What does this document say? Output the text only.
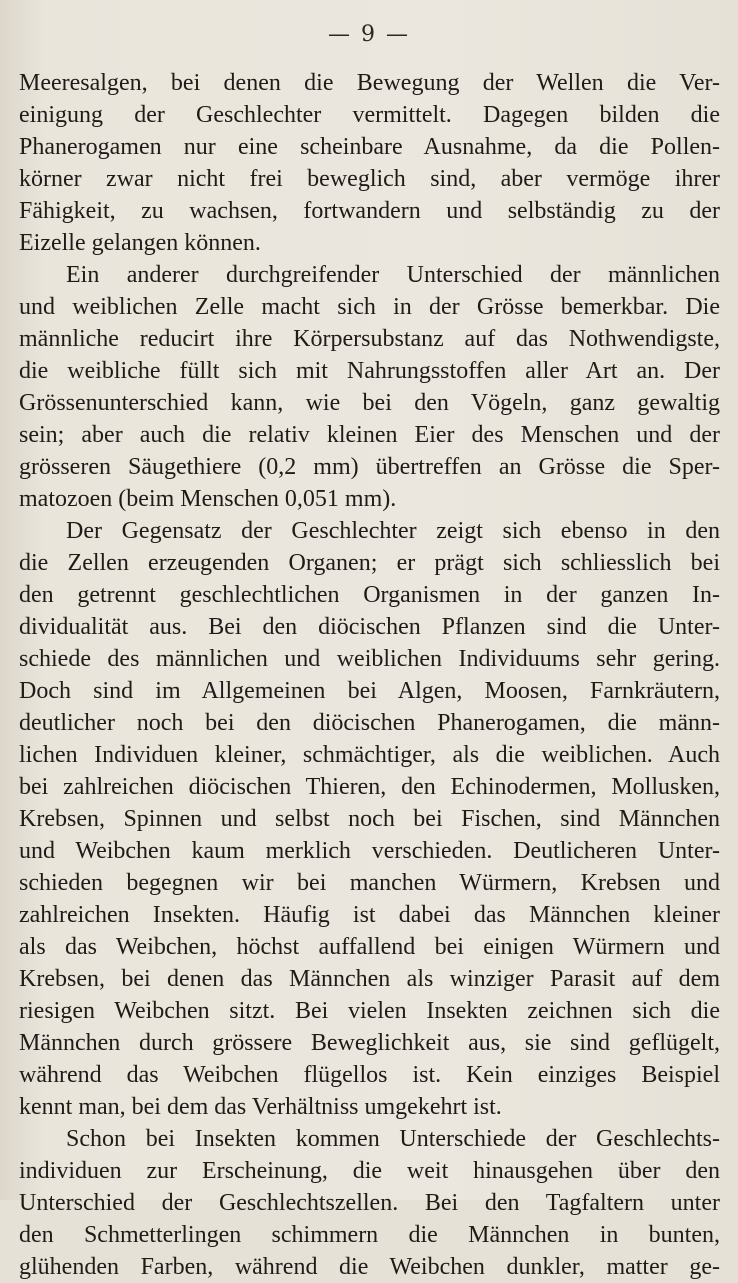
— 9 —
Meeresalgen, bei denen die Bewegung der Wellen die Ver-
einigung der Geschlechter vermittelt. Dagegen bilden die
Phanerogamen nur eine scheinbare Ausnahme, da die Pollen-
körner zwar nicht frei beweglich sind, aber vermöge ihrer
Fähigkeit, zu wachsen, fortwandern und selbständig zu der
Eizelle gelangen können.
Ein anderer durchgreifender Unterschied der männlichen
und weiblichen Zelle macht sich in der Grösse bemerkbar. Die
männliche reducirt ihre Körpersubstanz auf das Nothwendigste,
die weibliche füllt sich mit Nahrungsstoffen aller Art an. Der
Grössenunterschied kann, wie bei den Vögeln, ganz gewaltig
sein; aber auch die relativ kleinen Eier des Menschen und der
grösseren Säugethiere (0,2 mm) übertreffen an Grösse die Sper-
matozoen (beim Menschen 0,051 mm).
Der Gegensatz der Geschlechter zeigt sich ebenso in den
die Zellen erzeugenden Organen; er prägt sich schliesslich bei
den getrennt geschlechtlichen Organismen in der ganzen In-
dividualität aus. Bei den diöcischen Pflanzen sind die Unter-
schiede des männlichen und weiblichen Individuums sehr gering.
Doch sind im Allgemeinen bei Algen, Moosen, Farnkräutern,
deutlicher noch bei den diöcischen Phanerogamen, die männ-
lichen Individuen kleiner, schmächtiger, als die weiblichen. Auch
bei zahlreichen diöcischen Thieren, den Echinodermen, Mollusken,
Krebsen, Spinnen und selbst noch bei Fischen, sind Männchen
und Weibchen kaum merklich verschieden. Deutlicheren Unter-
schieden begegnen wir bei manchen Würmern, Krebsen und
zahlreichen Insekten. Häufig ist dabei das Männchen kleiner
als das Weibchen, höchst auffallend bei einigen Würmern und
Krebsen, bei denen das Männchen als winziger Parasit auf dem
riesigen Weibchen sitzt. Bei vielen Insekten zeichnen sich die
Männchen durch grössere Beweglichkeit aus, sie sind geflügelt,
während das Weibchen flügellos ist. Kein einziges Beispiel
kennt man, bei dem das Verhältniss umgekehrt ist.
Schon bei Insekten kommen Unterschiede der Geschlechts-
individuen zur Erscheinung, die weit hinausgehen über den
Unterschied der Geschlechtszellen. Bei den Tagfaltern unter
den Schmetterlingen schimmern die Männchen in bunten,
glühenden Farben, während die Weibchen dunkler, matter ge-
